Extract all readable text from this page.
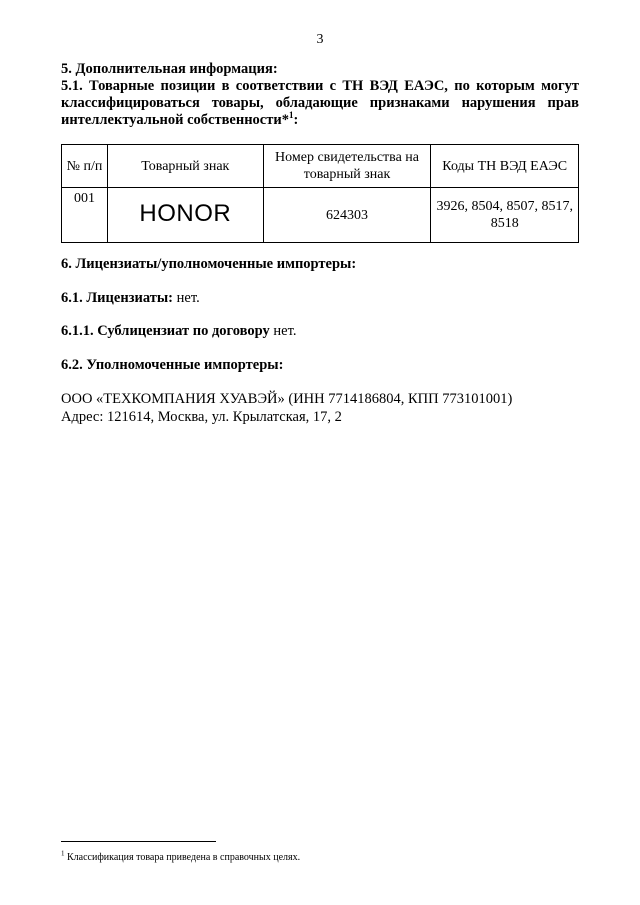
3

5. Дополнительная информация:

5.1. Товарные позиции в соответствии с ТН ВЭД ЕАЭС, по которым могут классифицироваться товары, обладающие признаками нарушения прав интеллектуальной собственности*$^1$:

№ п/п	Товарный знак	Номер свидетельства на товарный знак	Коды ТН ВЭД ЕАЭС
001	HONOR	624303	3926, 8504, 8507, 8517, 8518

6. Лицензиаты/уполномоченные импортеры:

6.1. Лицензиаты: нет.

6.1.1. Сублицензиат по договору нет.

6.2. Уполномоченные импортеры:

ООО «ТЕХКОМПАНИЯ ХУАВЭЙ» (ИНН 7714186804, КПП 773101001)

Адрес: 121614, Москва, ул. Крылатская, 17, 2

$^1$ Классификация товара приведена в справочных целях.
